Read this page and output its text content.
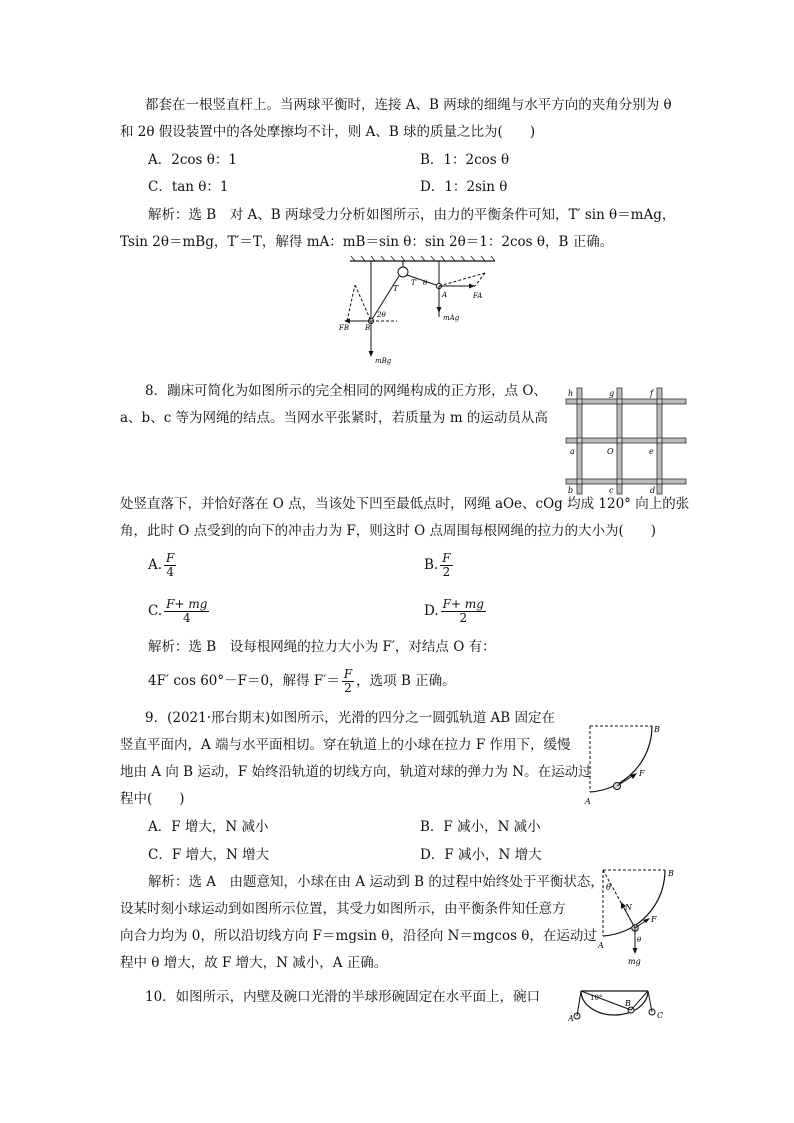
都套在一根竖直杆上。当两球平衡时，连接 A、B 两球的细绳与水平方向的夹角分别为 θ
和 2θ 假设装置中的各处摩擦均不计，则 A、B 球的质量之比为(　　)
A．2cos θ：1	B．1：2cos θ
C．tan θ：1	D．1：2sin θ
解析：选 B　对 A、B 两球受力分析如图所示，由力的平衡条件可知，T′ sin θ＝mAg，
Tsin 2θ＝mBg，T′＝T，解得 mA：mB＝sin θ：sin 2θ＝1：2cos θ，B 正确。
T
T′ θ
2θ
A
B
FA
FB
mAg
mBg
8．蹦床可简化为如图所示的完全相同的网绳构成的正方形，点 O、
a、b、c 等为网绳的结点。当网水平张紧时，若质量为 m 的运动员从高
h	g	f
a	O	e
b	c	d
处竖直落下，并恰好落在 O 点，当该处下凹至最低点时，网绳 aOe、cOg 均成 120° 向上的张
角，此时 O 点受到的向下的冲击力为 F，则这时 O 点周围每根网绳的拉力的大小为(　　)
A. $\frac{F}{4}$	B. $\frac{F}{2}$
C. $\frac{F+ mg}{4}$	D. $\frac{F+ mg}{2}$
解析：选 B　设每根网绳的拉力大小为 F′，对结点 O 有：
4F′ cos 60°－F＝0，解得 $F'= \frac{F}{2}$ ，选项 B 正确。
9．(2021·邢台期末)如图所示，光滑的四分之一圆弧轨道 AB 固定在
竖直平面内，A 端与水平面相切。穿在轨道上的小球在拉力 F 作用下，缓慢
地由 A 向 B 运动，F 始终沿轨道的切线方向，轨道对球的弹力为 N。在运动过
程中(　　)	A
B
F
A．F 增大，N 减小	B．F 减小，N 减小
C．F 增大，N 增大	D．F 减小，N 增大
解析：选 A　由题意知，小球在由 A 运动到 B 的过程中始终处于平衡状态，
设某时刻小球运动到如图所示位置，其受力如图所示，由平衡条件知任意方
向合力均为 0，所以沿切线方向 F＝mgsin θ，沿径向 N＝mgcos θ，在运动过
程中 θ 增大，故 F 增大，N 减小，A 正确。
A
B
F
N
θ
θ
mg
10．如图所示，内壁及碗口光滑的半球形碗固定在水平面上，碗口
A
B
C
10°
